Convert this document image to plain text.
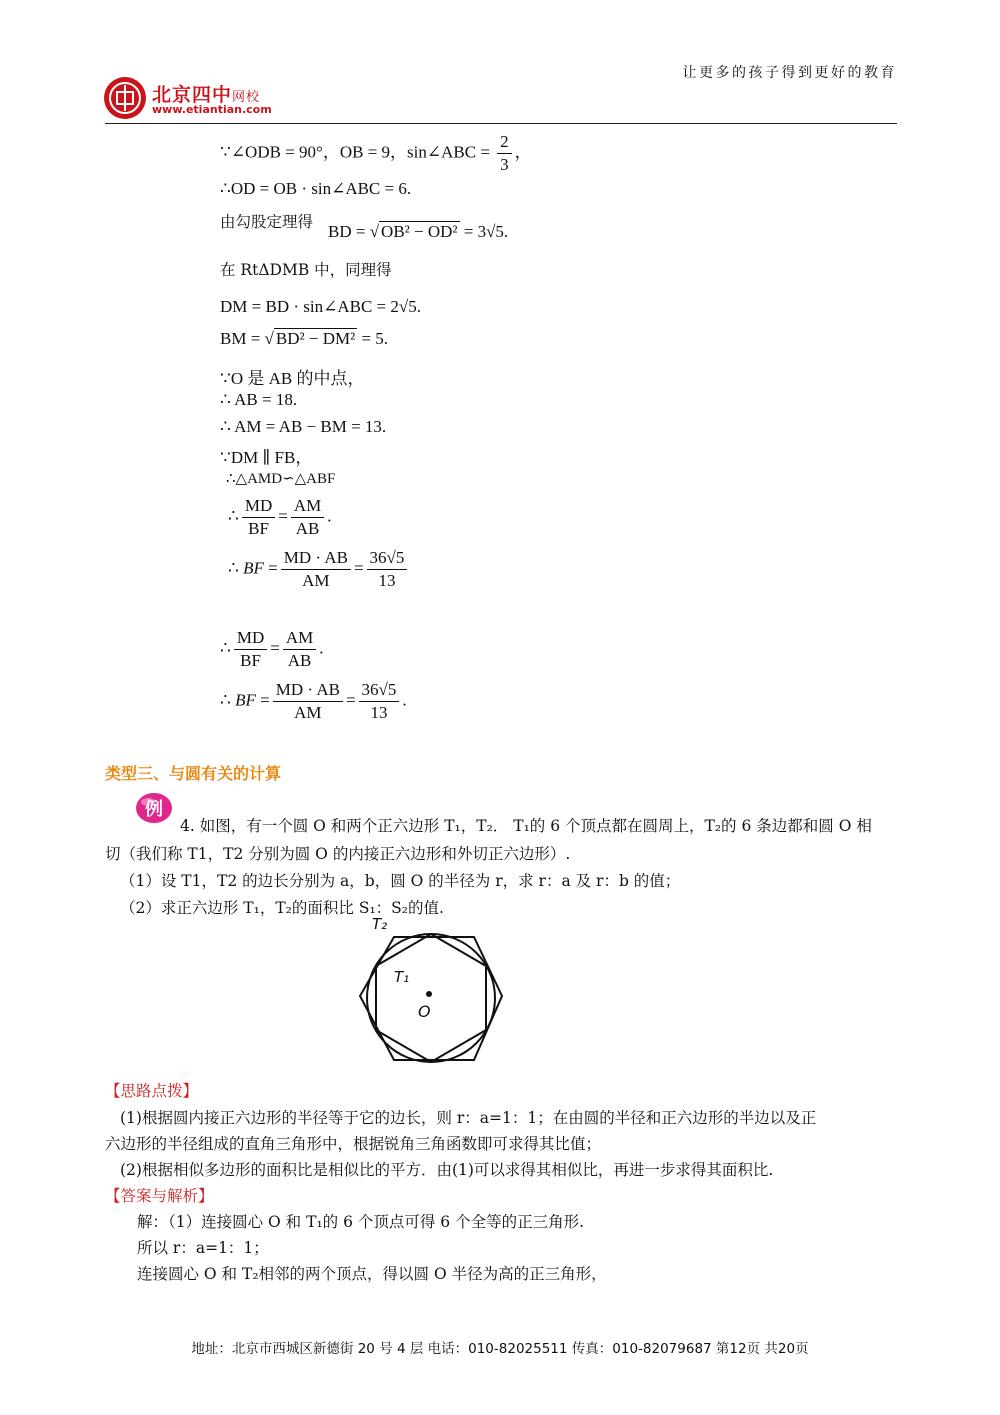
让更多的孩子得到更好的教育
北京四中网校
www.etiantian.com
∵∠ODB = 90°，OB = 9，sin∠ABC = $\frac{2}{3}$ ，
∴OD = OB · sin∠ABC = 6.
由勾股定理得 BD = √ OB² − OD² = 3√5.
在 RtΔDMB 中，同理得
DM = BD · sin∠ABC = 2√5.
BM = √ BD² − DM² = 5.
∵O 是 AB 的中点，
∴ AB = 18.
∴ AM = AB − BM = 13.
∵DM ∥ FB，
∴△AMD∽△ABF
∴ $\frac{MD}{BF} = \frac{AM}{AB}$ .
∴ BF = $\frac{MD \cdot AB}{AM} = \frac{36√5}{13}$
∴ $\frac{MD}{BF} = \frac{AM}{AB}$ .
∴ BF = $\frac{MD \cdot AB}{AM} = \frac{36√5}{13}$ .
类型三、与圆有关的计算
例
4. 如图，有一个圆 O 和两个正六边形 T₁，T₂． T₁的 6 个顶点都在圆周上，T₂的 6 条边都和圆 O 相
切（我们称 T1，T2 分别为圆 O 的内接正六边形和外切正六边形）.
（1）设 T1，T2 的边长分别为 a，b，圆 O 的半径为 r，求 r：a 及 r：b 的值；
（2）求正六边形 T₁，T₂的面积比 S₁：S₂的值.
T₂
T₁
O
【思路点拨】
(1)根据圆内接正六边形的半径等于它的边长，则 r：a=1：1；在由圆的半径和正六边形的半边以及正
六边形的半径组成的直角三角形中，根据锐角三角函数即可求得其比值；
(2)根据相似多边形的面积比是相似比的平方．由(1)可以求得其相似比，再进一步求得其面积比.
【答案与解析】
解：（1）连接圆心 O 和 T₁的 6 个顶点可得 6 个全等的正三角形.
所以 r：a=1：1；
连接圆心 O 和 T₂相邻的两个顶点，得以圆 O 半径为高的正三角形，
地址：北京市西城区新德街 20 号 4 层 电话：010-82025511 传真：010-82079687 第12页 共20页
